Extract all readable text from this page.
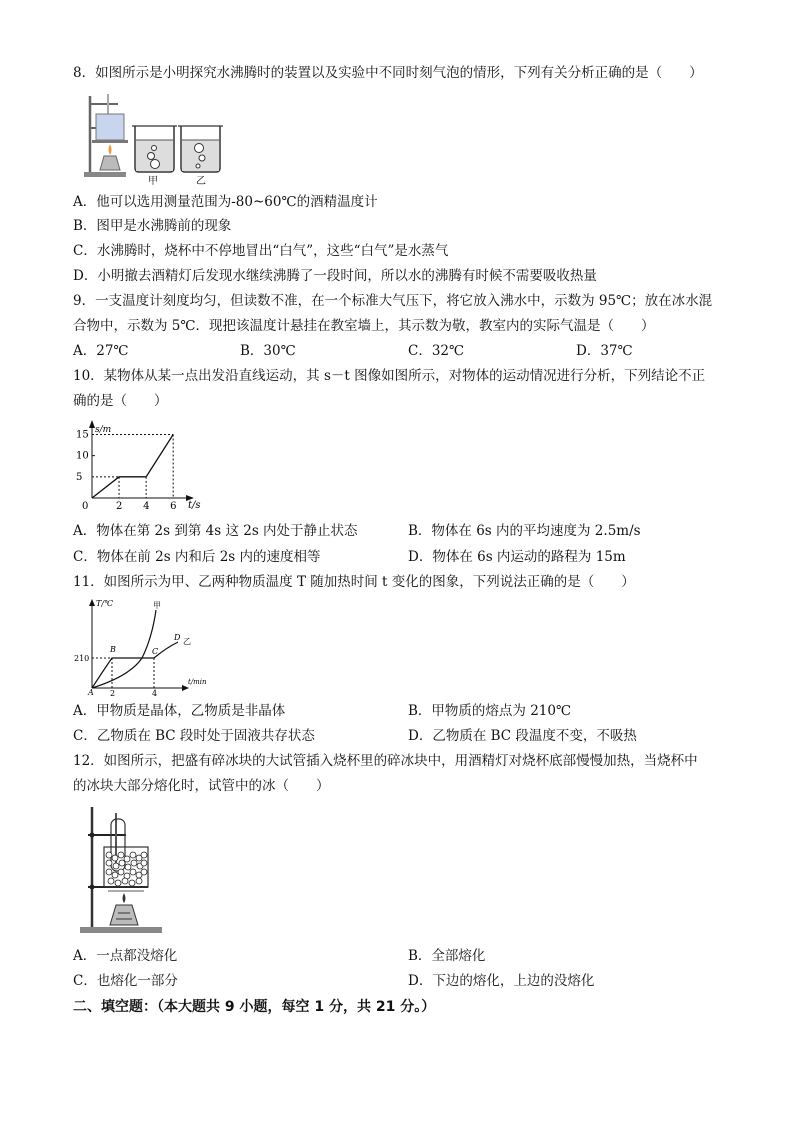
8．如图所示是小明探究水沸腾时的装置以及实验中不同时刻气泡的情形，下列有关分析正确的是（　　）
甲	乙
A．他可以选用测量范围为-80~60℃的酒精温度计
B．图甲是水沸腾前的现象
C．水沸腾时，烧杯中不停地冒出“白气”，这些“白气”是水蒸气
D．小明撤去酒精灯后发现水继续沸腾了一段时间，所以水的沸腾有时候不需要吸收热量
9．一支温度计刻度均匀，但读数不准，在一个标准大气压下，将它放入沸水中，示数为 95℃；放在冰水混
合物中，示数为 5℃．现把该温度计悬挂在教室墙上，其示数为敬，教室内的实际气温是（　　）
A．27℃	B．30℃	C．32℃	D．37℃
10．某物体从某一点出发沿直线运动，其 s－t 图像如图所示，对物体的运动情况进行分析，下列结论不正
确的是（　　）
5
10
15
2 4 6
0
s/m
t/s
A．物体在第 2s 到第 4s 这 2s 内处于静止状态	B．物体在 6s 内的平均速度为 2.5m/s
C．物体在前 2s 内和后 2s 内的速度相等	D．物体在 6s 内运动的路程为 15m
11．如图所示为甲、乙两种物质温度 T 随加热时间 t 变化的图象，下列说法正确的是（　　）
T/℃
t/min
210
2	4
A
B	C
D
甲
乙
A．甲物质是晶体，乙物质是非晶体	B．甲物质的熔点为 210℃
C．乙物质在 BC 段时处于固液共存状态	D．乙物质在 BC 段温度不变，不吸热
12．如图所示，把盛有碎冰块的大试管插入烧杯里的碎冰块中，用酒精灯对烧杯底部慢慢加热，当烧杯中
的冰块大部分熔化时，试管中的冰（　　）
A．一点都没熔化	B．全部熔化
C．也熔化一部分	D．下边的熔化，上边的没熔化
二、填空题：（本大题共 9 小题，每空 1 分，共 21 分。）
